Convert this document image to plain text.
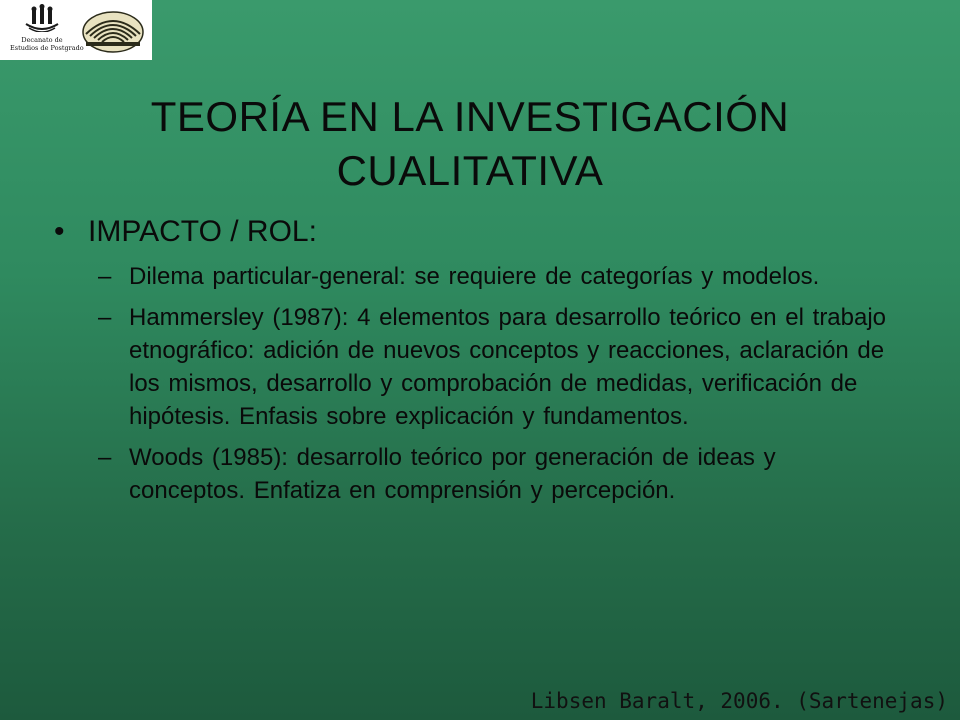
Decanato de
Estudios de Postgrado
TEORÍA EN LA INVESTIGACIÓN
CUALITATIVA
• IMPACTO / ROL:
– Dilema particular-general: se requiere de categorías y modelos.
– Hammersley (1987): 4 elementos para desarrollo teórico en el trabajo etnográfico: adición de nuevos conceptos y reacciones, aclaración de los mismos, desarrollo y comprobación de medidas, verificación de hipótesis. Enfasis sobre explicación y fundamentos.
– Woods (1985): desarrollo teórico por generación de ideas y conceptos. Enfatiza en comprensión y percepción.
Libsen Baralt, 2006. (Sartenejas)
